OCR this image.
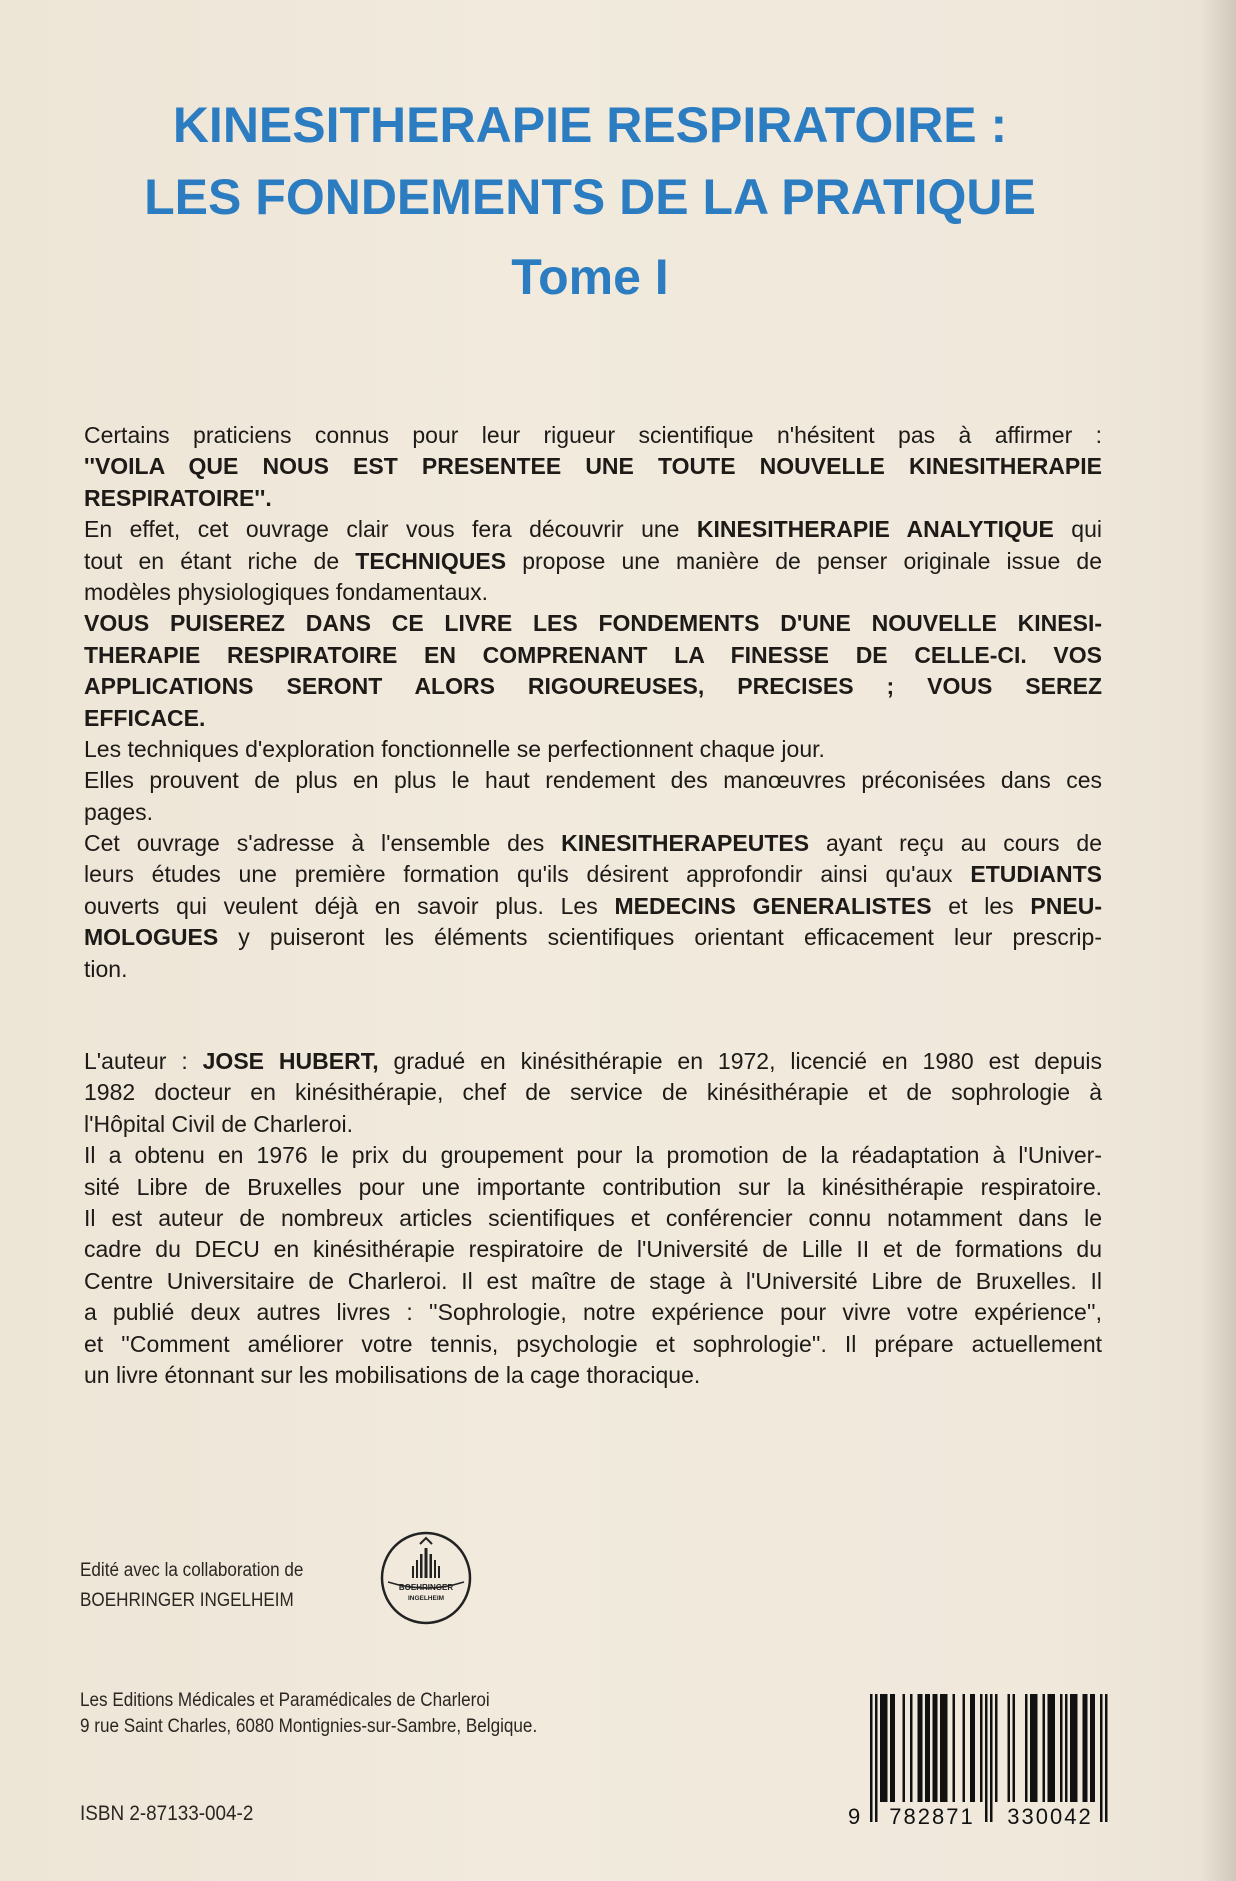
KINESITHERAPIE RESPIRATOIRE :
LES FONDEMENTS DE LA PRATIQUE
Tome I
Certains praticiens connus pour leur rigueur scientifique n'hésitent pas à affirmer :
''VOILA QUE NOUS EST PRESENTEE UNE TOUTE NOUVELLE KINESITHERAPIE
RESPIRATOIRE''.
En effet, cet ouvrage clair vous fera découvrir une KINESITHERAPIE ANALYTIQUE qui
tout en étant riche de TECHNIQUES propose une manière de penser originale issue de
modèles physiologiques fondamentaux.
VOUS PUISEREZ DANS CE LIVRE LES FONDEMENTS D'UNE NOUVELLE KINESI-
THERAPIE RESPIRATOIRE EN COMPRENANT LA FINESSE DE CELLE-CI. VOS
APPLICATIONS SERONT ALORS RIGOUREUSES, PRECISES ; VOUS SEREZ
EFFICACE.
Les techniques d'exploration fonctionnelle se perfectionnent chaque jour.
Elles prouvent de plus en plus le haut rendement des manœuvres préconisées dans ces
pages.
Cet ouvrage s'adresse à l'ensemble des KINESITHERAPEUTES ayant reçu au cours de
leurs études une première formation qu'ils désirent approfondir ainsi qu'aux ETUDIANTS
ouverts qui veulent déjà en savoir plus. Les MEDECINS GENERALISTES et les PNEU-
MOLOGUES y puiseront les éléments scientifiques orientant efficacement leur prescrip-
tion.
L'auteur : JOSE HUBERT, gradué en kinésithérapie en 1972, licencié en 1980 est depuis
1982 docteur en kinésithérapie, chef de service de kinésithérapie et de sophrologie à
l'Hôpital Civil de Charleroi.
Il a obtenu en 1976 le prix du groupement pour la promotion de la réadaptation à l'Univer-
sité Libre de Bruxelles pour une importante contribution sur la kinésithérapie respiratoire.
Il est auteur de nombreux articles scientifiques et conférencier connu notamment dans le
cadre du DECU en kinésithérapie respiratoire de l'Université de Lille II et de formations du
Centre Universitaire de Charleroi. Il est maître de stage à l'Université Libre de Bruxelles. Il
a publié deux autres livres : ''Sophrologie, notre expérience pour vivre votre expérience'',
et ''Comment améliorer votre tennis, psychologie et sophrologie''. Il prépare actuellement
un livre étonnant sur les mobilisations de la cage thoracique.
Edité avec la collaboration de
BOEHRINGER INGELHEIM
BOEHRINGER
INGELHEIM
Les Editions Médicales et Paramédicales de Charleroi
9 rue Saint Charles, 6080 Montignies-sur-Sambre, Belgique.
ISBN 2-87133-004-2	9 782871 330042
